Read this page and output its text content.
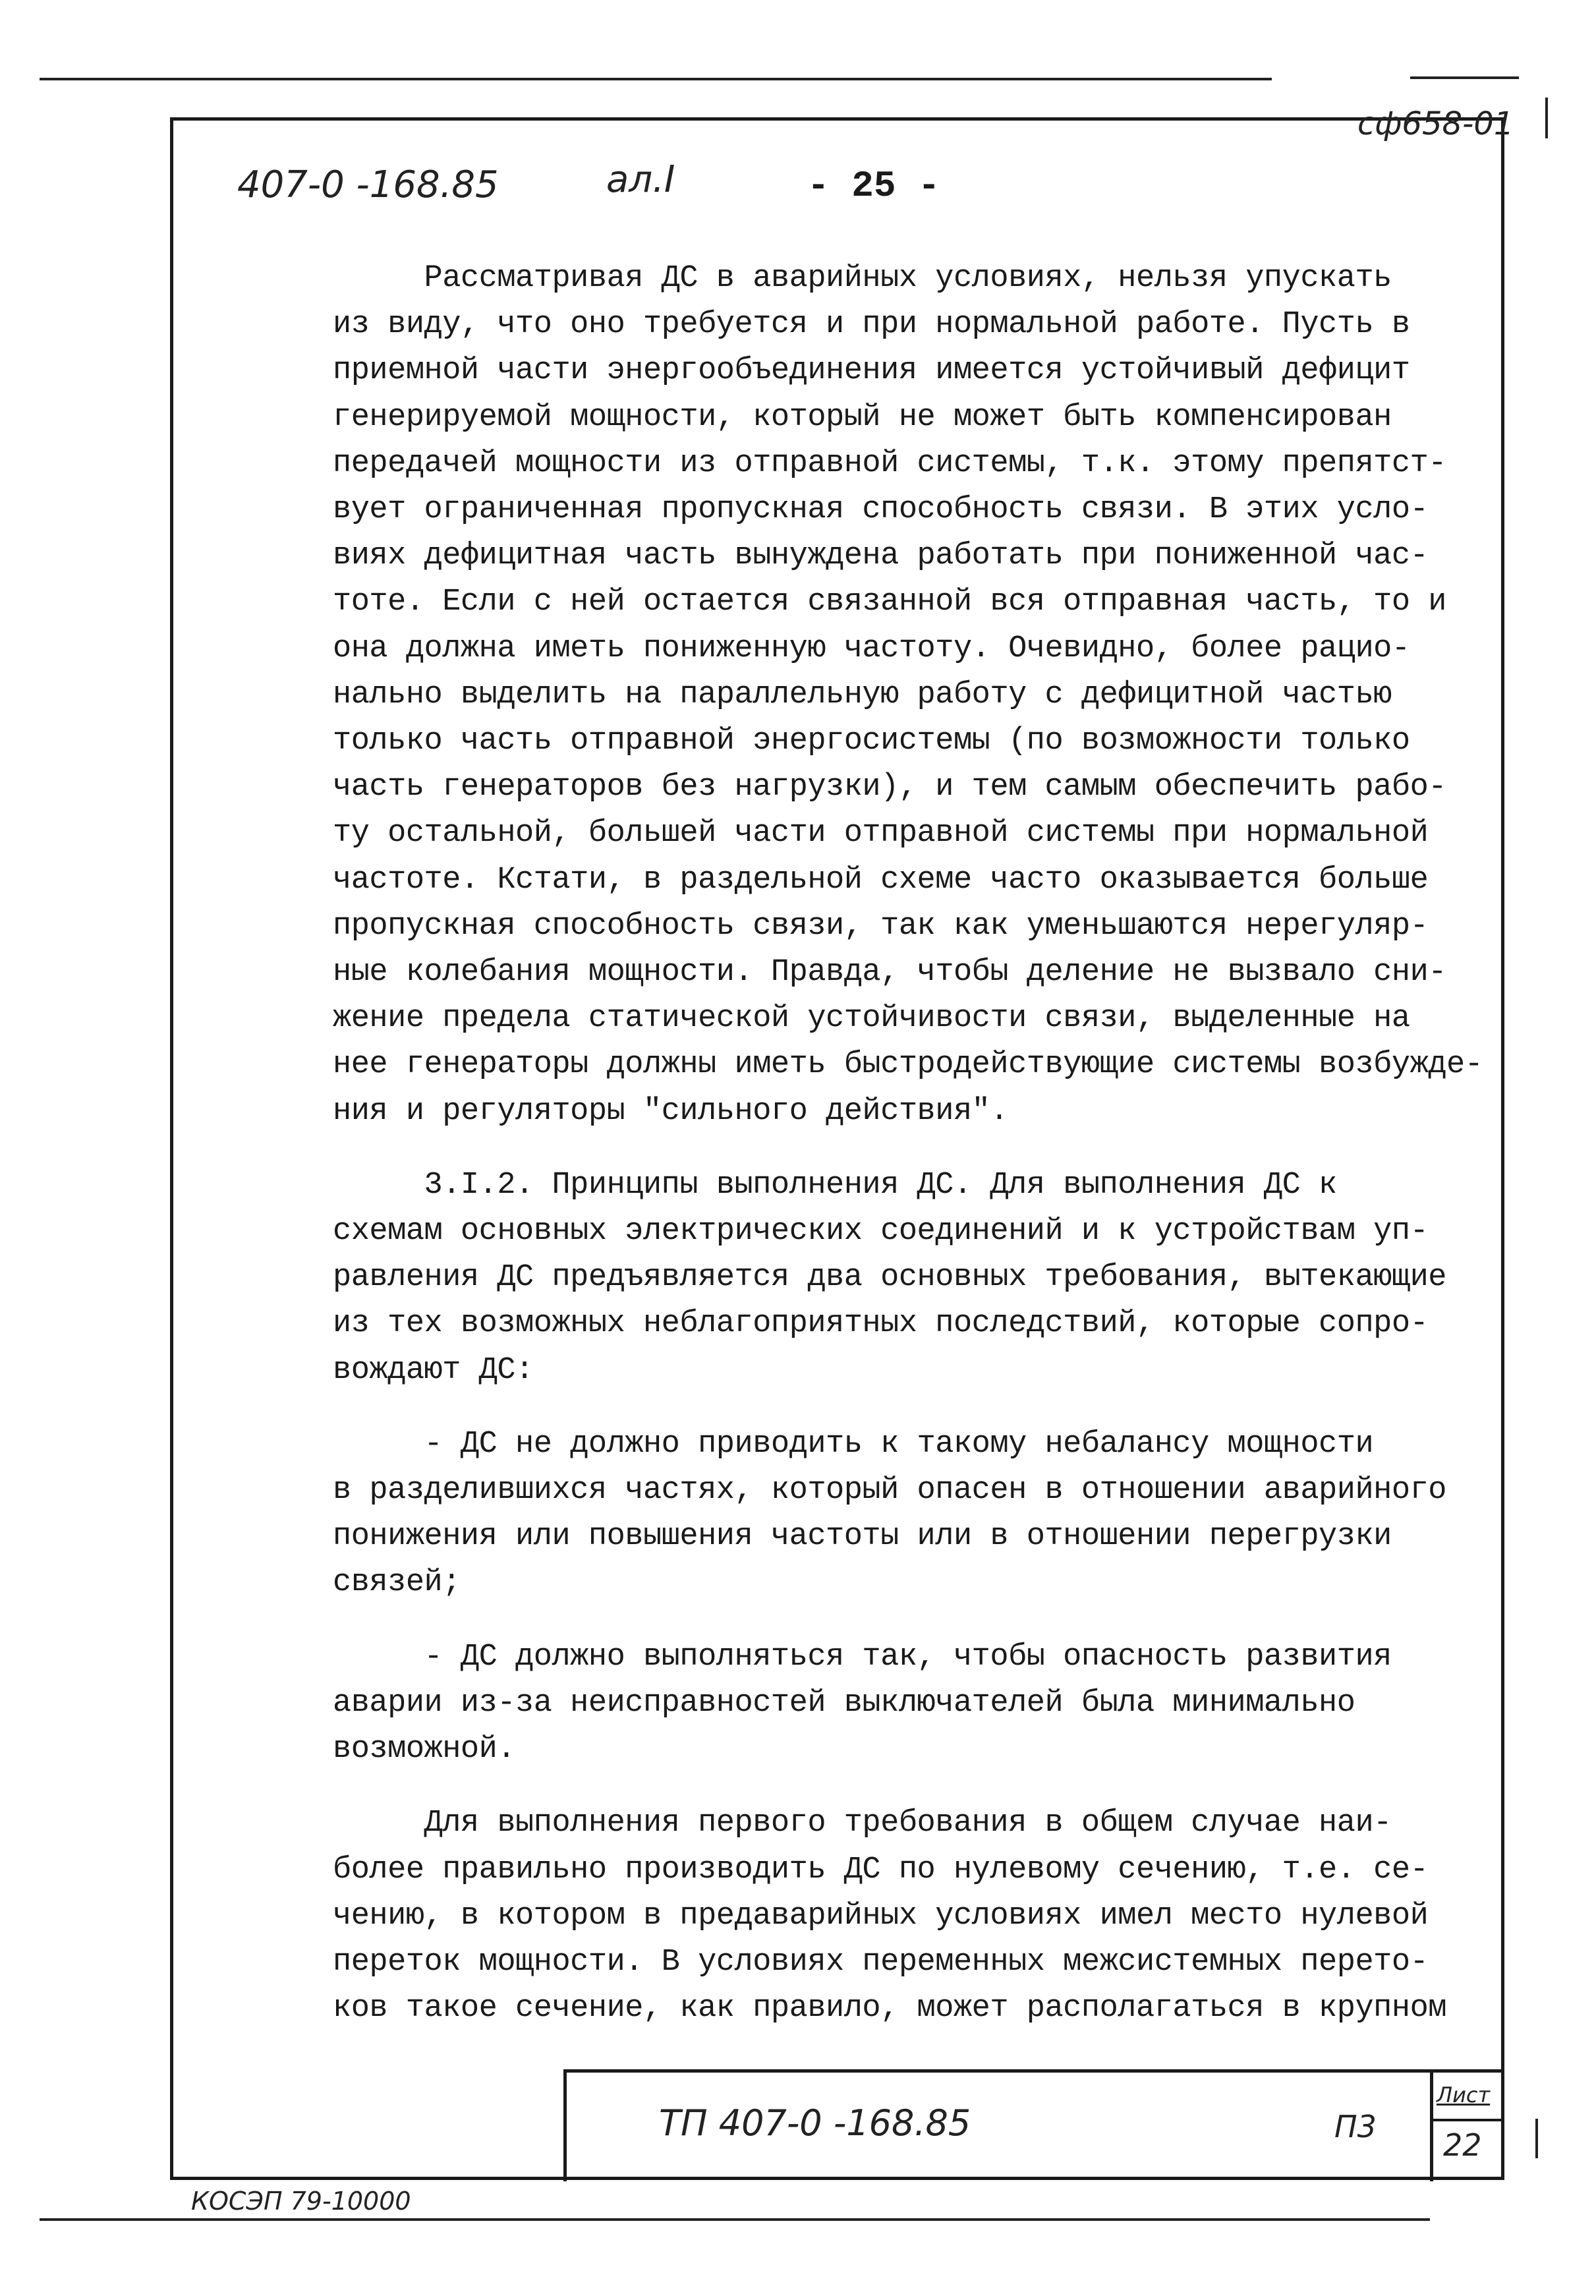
407-0 -168.85	ал.I	- 25 -
сф658-01
Рассматривая ДС в аварийных условиях, нельзя упускать
из виду, что оно требуется и при нормальной работе. Пусть в
приемной части энергообъединения имеется устойчивый дефицит
генерируемой мощности, который не может быть компенсирован
передачей мощности из отправной системы, т.к. этому препятст-
вует ограниченная пропускная способность связи. В этих усло-
виях дефицитная часть вынуждена работать при пониженной час-
тоте. Если с ней остается связанной вся отправная часть, то и
она должна иметь пониженную частоту. Очевидно, более рацио-
нально выделить на параллельную работу с дефицитной частью
только часть отправной энергосистемы (по возможности только
часть генераторов без нагрузки), и тем самым обеспечить рабо-
ту остальной, большей части отправной системы при нормальной
частоте. Кстати, в раздельной схеме часто оказывается больше
пропускная способность связи, так как уменьшаются нерегуляр-
ные колебания мощности. Правда, чтобы деление не вызвало сни-
жение предела статической устойчивости связи, выделенные на
нее генераторы должны иметь быстродействующие системы возбужде-
ния и регуляторы "сильного действия".
3.I.2. Принципы выполнения ДС. Для выполнения ДС к
схемам основных электрических соединений и к устройствам уп-
равления ДС предъявляется два основных требования, вытекающие
из тех возможных неблагоприятных последствий, которые сопро-
вождают ДС:
- ДС не должно приводить к такому небалансу мощности
в разделившихся частях, который опасен в отношении аварийного
понижения или повышения частоты или в отношении перегрузки
связей;
- ДС должно выполняться так, чтобы опасность развития
аварии из-за неисправностей выключателей была минимально
возможной.
Для выполнения первого требования в общем случае наи-
более правильно производить ДС по нулевому сечению, т.е. се-
чению, в котором в предаварийных условиях имел место нулевой
переток мощности. В условиях переменных межсистемных перето-
ков такое сечение, как правило, может располагаться в крупном
ТП 407-0 -168.85	П3
Лист
22
КОСЭП 79-10000
